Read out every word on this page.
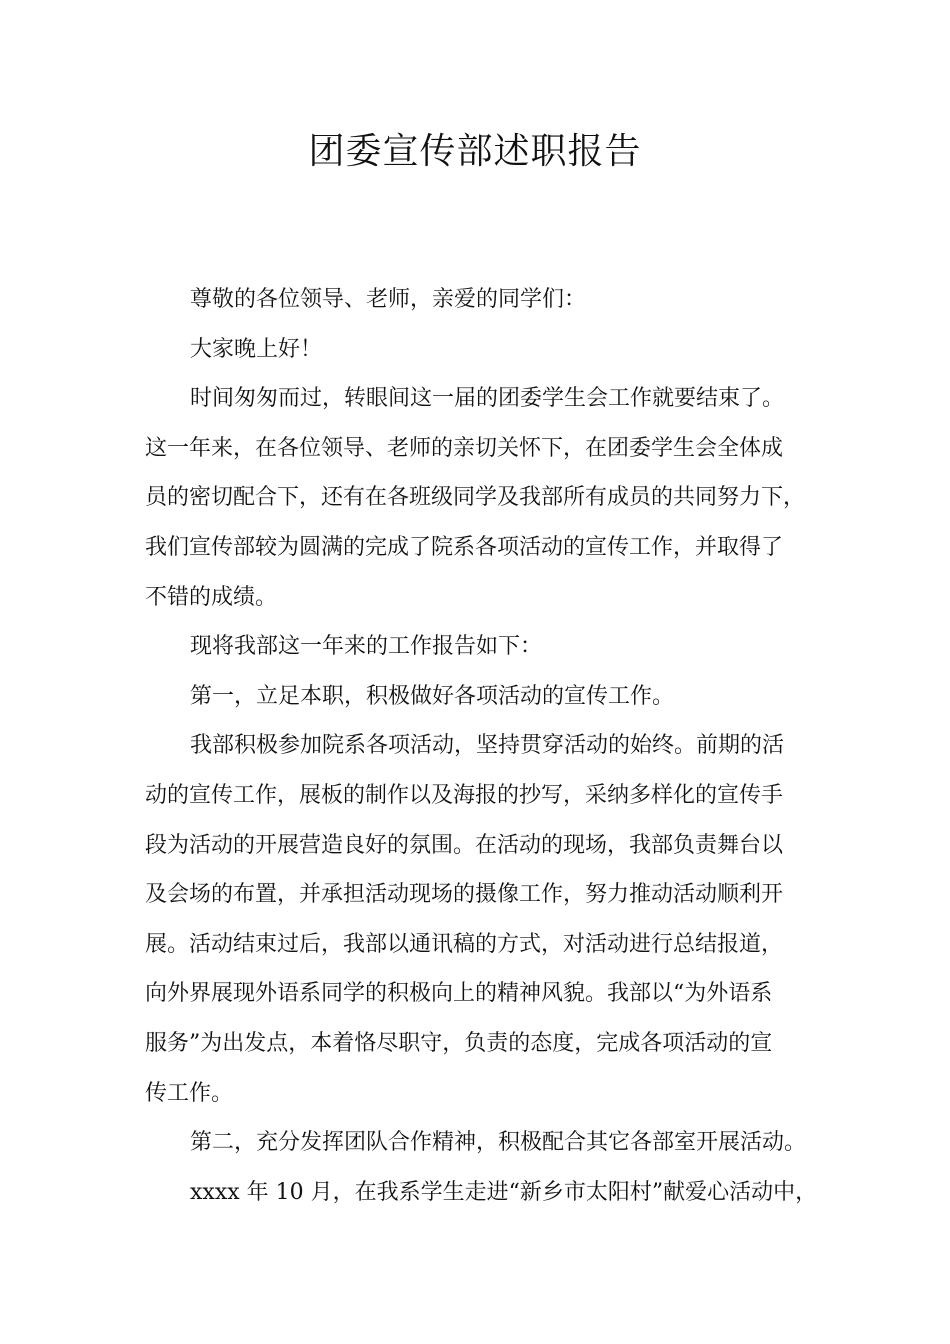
团委宣传部述职报告
尊敬的各位领导、老师，亲爱的同学们：
大家晚上好！
时间匆匆而过，转眼间这一届的团委学生会工作就要结束了。
这一年来，在各位领导、老师的亲切关怀下，在团委学生会全体成
员的密切配合下，还有在各班级同学及我部所有成员的共同努力下，
我们宣传部较为圆满的完成了院系各项活动的宣传工作，并取得了
不错的成绩。
现将我部这一年来的工作报告如下：
第一，立足本职，积极做好各项活动的宣传工作。
我部积极参加院系各项活动，坚持贯穿活动的始终。前期的活
动的宣传工作，展板的制作以及海报的抄写，采纳多样化的宣传手
段为活动的开展营造良好的氛围。在活动的现场，我部负责舞台以
及会场的布置，并承担活动现场的摄像工作，努力推动活动顺利开
展。活动结束过后，我部以通讯稿的方式，对活动进行总结报道，
向外界展现外语系同学的积极向上的精神风貌。我部以“为外语系
服务”为出发点，本着恪尽职守，负责的态度，完成各项活动的宣
传工作。
第二，充分发挥团队合作精神，积极配合其它各部室开展活动。
xxxx 年 10 月，在我系学生走进“新乡市太阳村”献爱心活动中，
